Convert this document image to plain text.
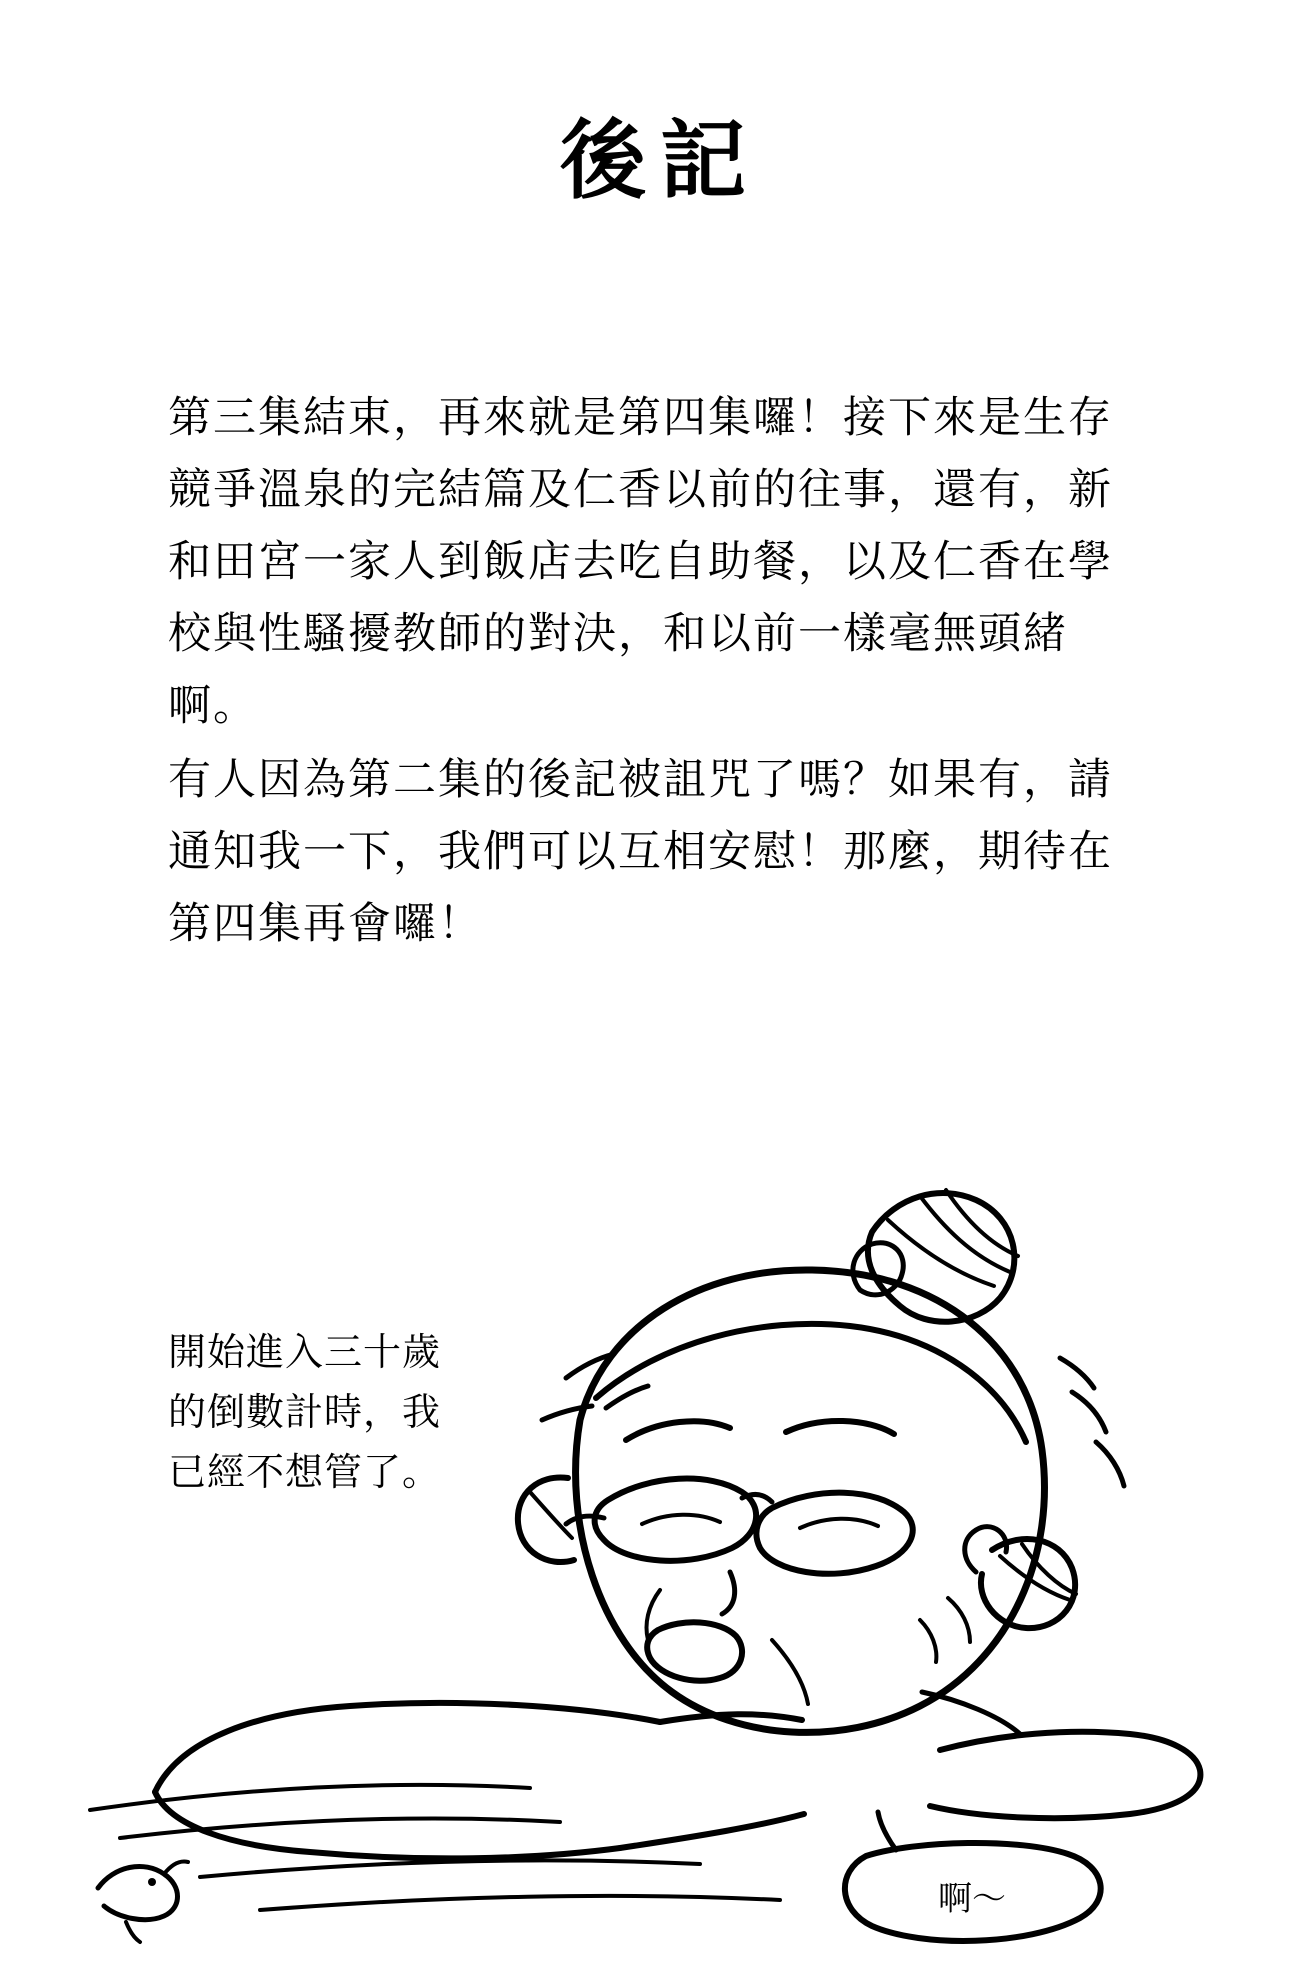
後記

第三集結束，再來就是第四集囉！接下來是生存競爭溫泉的完結篇及仁香以前的往事，還有，新和田宮一家人到飯店去吃自助餐，以及仁香在學校與性騷擾教師的對決，和以前一樣毫無頭緒啊。

有人因為第二集的後記被詛咒了嗎？如果有，請通知我一下，我們可以互相安慰！那麼，期待在第四集再會囉！

開始進入三十歲

的倒數計時，我

已經不想管了。

啊～
